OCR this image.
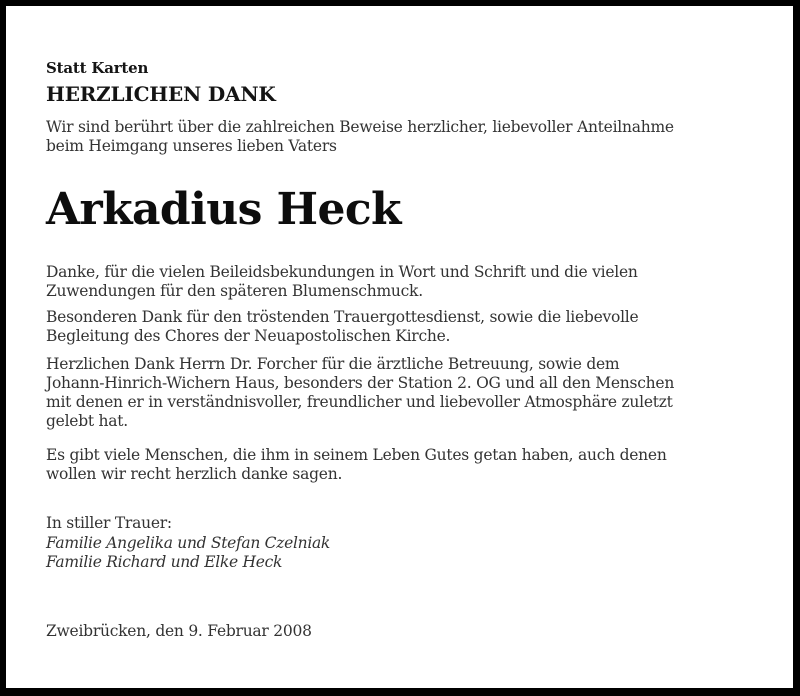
Statt Karten
HERZLICHEN DANK
Wir sind berührt über die zahlreichen Beweise herzlicher, liebevoller Anteilnahme
beim Heimgang unseres lieben Vaters
Arkadius Heck
Danke, für die vielen Beileidsbekundungen in Wort und Schrift und die vielen
Zuwendungen für den späteren Blumenschmuck.
Besonderen Dank für den tröstenden Trauergottesdienst, sowie die liebevolle
Begleitung des Chores der Neuapostolischen Kirche.
Herzlichen Dank Herrn Dr. Forcher für die ärztliche Betreuung, sowie dem
Johann-Hinrich-Wichern Haus, besonders der Station 2. OG und all den Menschen
mit denen er in verständnisvoller, freundlicher und liebevoller Atmosphäre zuletzt
gelebt hat.
Es gibt viele Menschen, die ihm in seinem Leben Gutes getan haben, auch denen
wollen wir recht herzlich danke sagen.
In stiller Trauer:
Familie Angelika und Stefan Czelniak
Familie Richard und Elke Heck
Zweibrücken, den 9. Februar 2008
